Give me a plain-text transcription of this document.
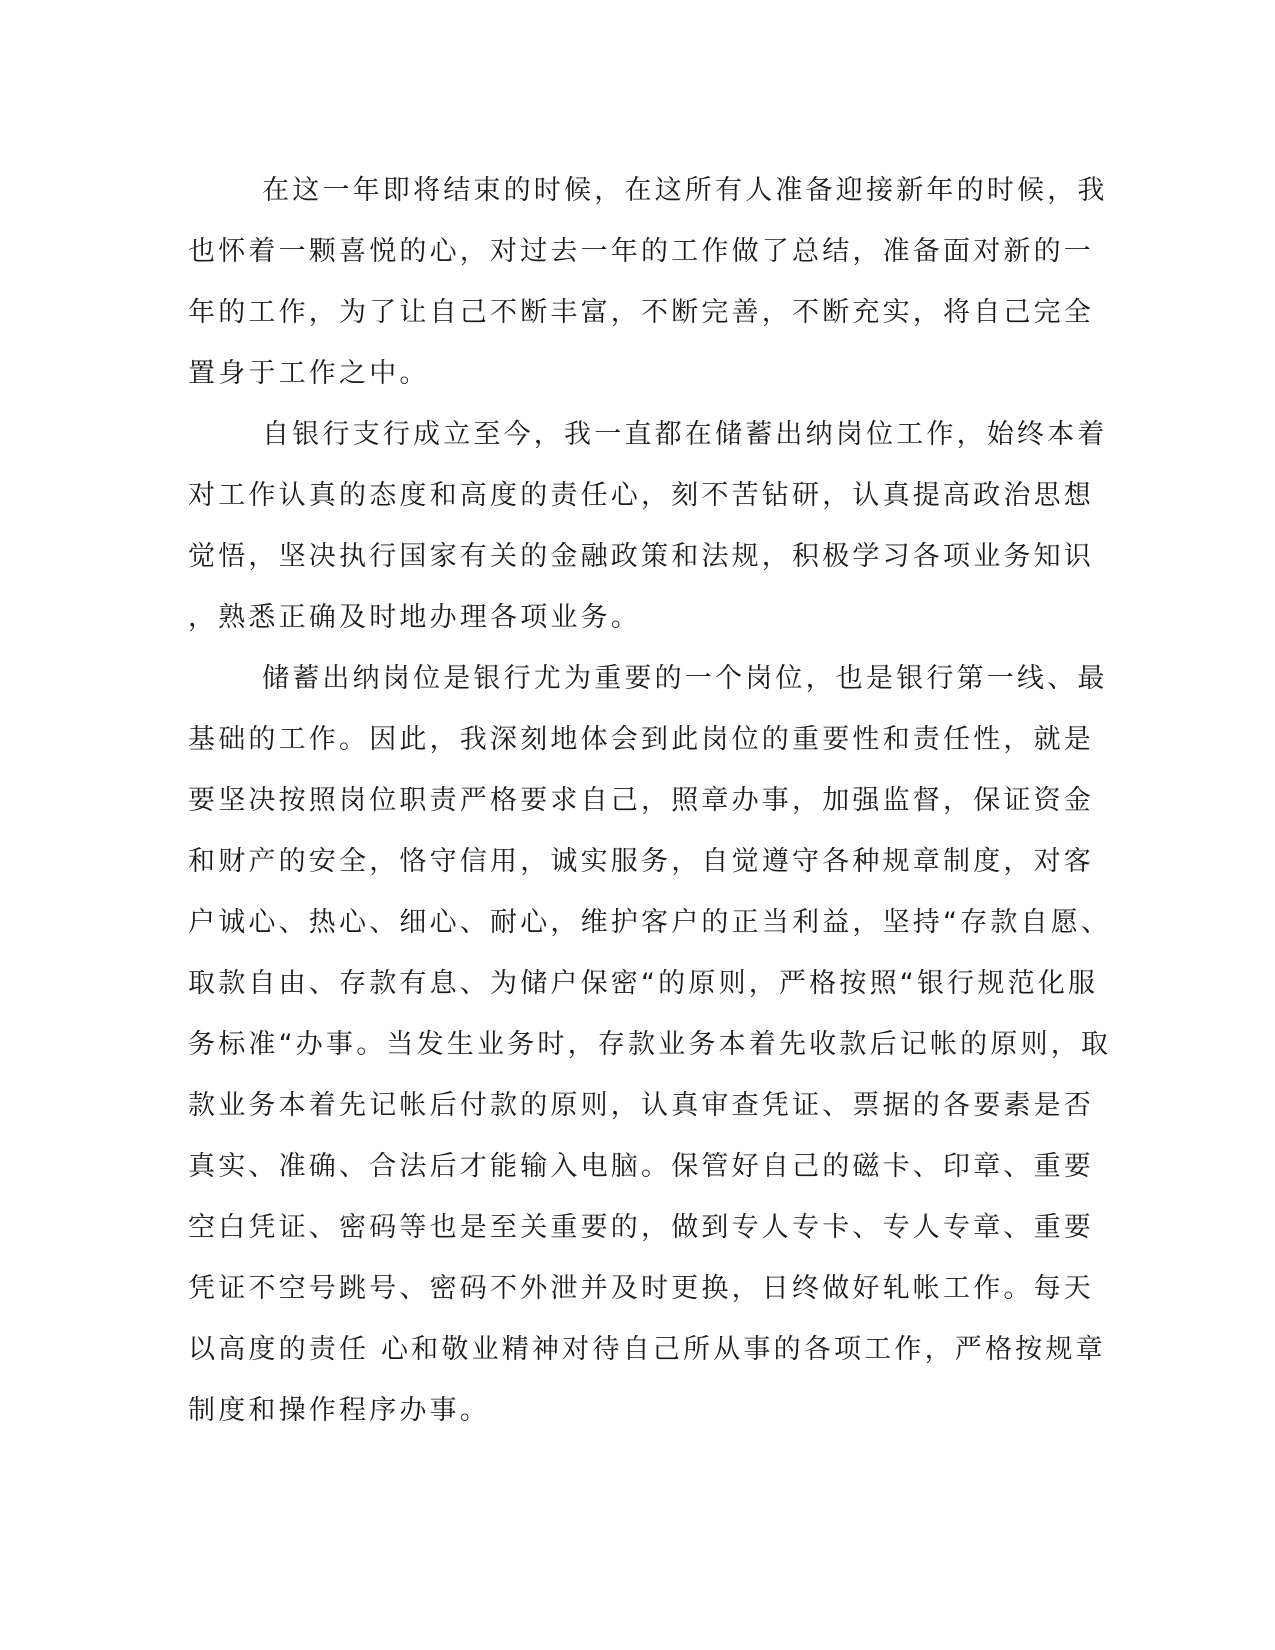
在这一年即将结束的时候，在这所有人准备迎接新年的时候，我
也怀着一颗喜悦的心，对过去一年的工作做了总结，准备面对新的一
年的工作，为了让自己不断丰富，不断完善，不断充实，将自己完全
置身于工作之中。

自银行支行成立至今，我一直都在储蓄出纳岗位工作，始终本着
对工作认真的态度和高度的责任心，刻不苦钻研，认真提高政治思想
觉悟，坚决执行国家有关的金融政策和法规，积极学习各项业务知识
，熟悉正确及时地办理各项业务。

储蓄出纳岗位是银行尤为重要的一个岗位，也是银行第一线、最
基础的工作。因此，我深刻地体会到此岗位的重要性和责任性，就是
要坚决按照岗位职责严格要求自己，照章办事，加强监督，保证资金
和财产的安全，恪守信用，诚实服务，自觉遵守各种规章制度，对客
户诚心、热心、细心、耐心，维护客户的正当利益，坚持“存款自愿、
取款自由、存款有息、为储户保密“的原则，严格按照“银行规范化服
务标准“办事。当发生业务时，存款业务本着先收款后记帐的原则，取
款业务本着先记帐后付款的原则，认真审查凭证、票据的各要素是否
真实、准确、合法后才能输入电脑。保管好自己的磁卡、印章、重要
空白凭证、密码等也是至关重要的，做到专人专卡、专人专章、重要
凭证不空号跳号、密码不外泄并及时更换，日终做好轧帐工作。每天
以高度的责任 心和敬业精神对待自己所从事的各项工作，严格按规章
制度和操作程序办事。
